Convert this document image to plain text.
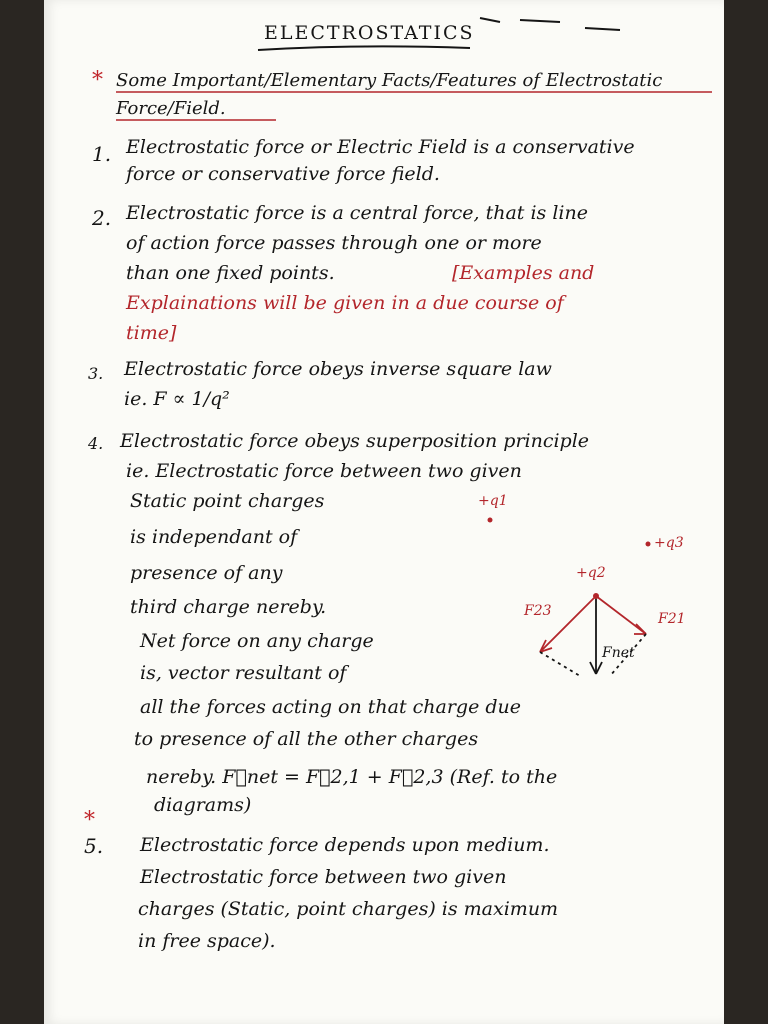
ELECTROSTATICS
* Some Important/Elementary Facts/Features of Electrostatic
Force/Field.
1. Electrostatic force or Electric Field is a conservative
force or conservative force field.
2. Electrostatic force is a central force, that is line
of action force passes through one or more
than one fixed points.	[Examples and
Explainations will be given in a due course of
time]
3. Electrostatic force obeys inverse square law
ie. F ∝ 1/q²
4. Electrostatic force obeys superposition principle
ie. Electrostatic force between two given
Static point charges
is independant of
presence of any
third charge nereby.
Net force on any charge
is, vector resultant of
all the forces acting on that charge due
to presence of all the other charges
nereby. F⃗net = F⃗2,1 + F⃗2,3 (Ref. to the
diagrams)
+q1
+q3
+q2
F23	F21
Fnet
*
5. Electrostatic force depends upon medium.
Electrostatic force between two given
charges (Static, point charges) is maximum
in free space).
